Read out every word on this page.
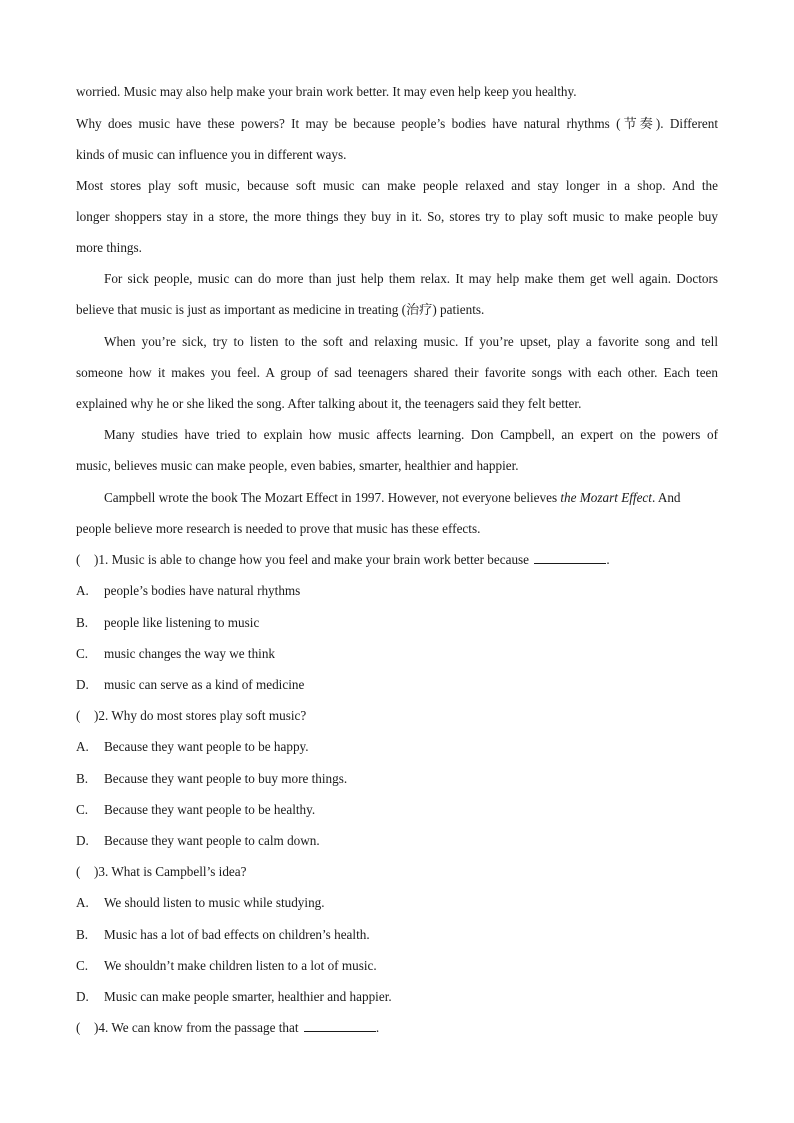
worried. Music may also help make your brain work better. It may even help keep you healthy.
Why does music have these powers? It may be because people’s bodies have natural rhythms (节奏). Different
kinds of music can influence you in different ways.
Most stores play soft music, because soft music can make people relaxed and stay longer in a shop. And the
longer shoppers stay in a store, the more things they buy in it. So, stores try to play soft music to make people buy
more things.
For sick people, music can do more than just help them relax. It may help make them get well again. Doctors
believe that music is just as important as medicine in treating (治疗) patients.
When you’re sick, try to listen to the soft and relaxing music. If you’re upset, play a favorite song and tell
someone how it makes you feel. A group of sad teenagers shared their favorite songs with each other. Each teen
explained why he or she liked the song. After talking about it, the teenagers said they felt better.
Many studies have tried to explain how music affects learning. Don Campbell, an expert on the powers of
music, believes music can make people, even babies, smarter, healthier and happier.
Campbell wrote the book The Mozart Effect in 1997. However, not everyone believes the Mozart Effect. And
people believe more research is needed to prove that music has these effects.
( )1. Music is able to change how you feel and make your brain work better because	.
A. people’s bodies have natural rhythms
B. people like listening to music
C. music changes the way we think
D. music can serve as a kind of medicine
( )2. Why do most stores play soft music?
A. Because they want people to be happy.
B. Because they want people to buy more things.
C. Because they want people to be healthy.
D. Because they want people to calm down.
( )3. What is Campbell’s idea?
A. We should listen to music while studying.
B. Music has a lot of bad effects on children’s health.
C. We shouldn’t make children listen to a lot of music.
D. Music can make people smarter, healthier and happier.
( )4. We can know from the passage that	.
